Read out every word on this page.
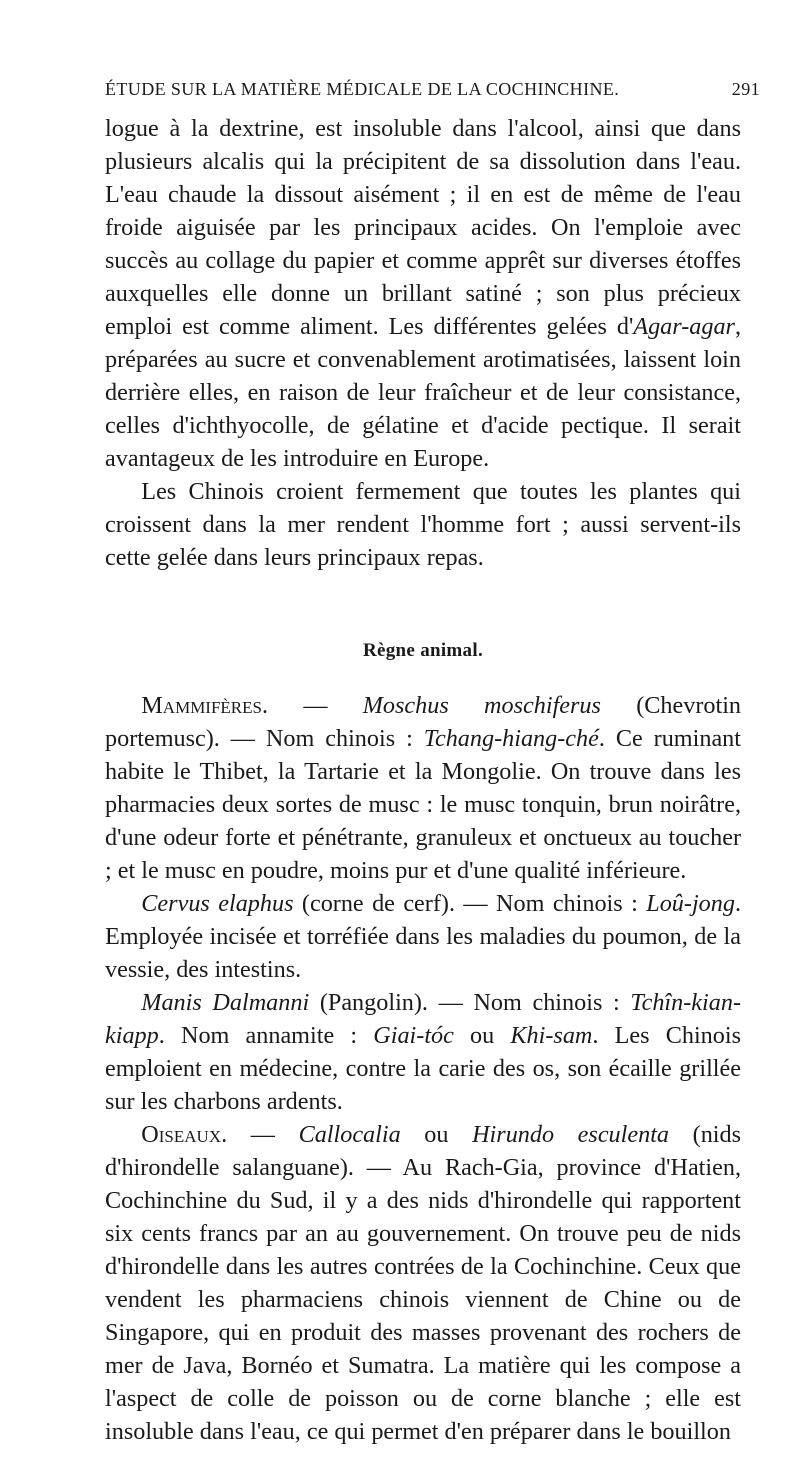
ÉTUDE SUR LA MATIÈRE MÉDICALE DE LA COCHINCHINE.	291

logue à la dextrine, est insoluble dans l'alcool, ainsi que dans plusieurs alcalis qui la précipitent de sa dissolution dans l'eau. L'eau chaude la dissout aisément ; il en est de même de l'eau froide aiguisée par les principaux acides. On l'emploie avec succès au collage du papier et comme apprêt sur diverses étoffes auxquelles elle donne un brillant satiné ; son plus précieux emploi est comme aliment. Les différentes gelées d'Agar-agar, préparées au sucre et convenablement arotimatisées, laissent loin derrière elles, en raison de leur fraîcheur et de leur consistance, celles d'ichthyocolle, de gélatine et d'acide pectique. Il serait avantageux de les introduire en Europe.

Les Chinois croient fermement que toutes les plantes qui croissent dans la mer rendent l'homme fort ; aussi servent-ils cette gelée dans leurs principaux repas.

Règne animal.

Mammifères. — Moschus moschiferus (Chevrotin portemusc). — Nom chinois : Tchang-hiang-ché. Ce ruminant habite le Thibet, la Tartarie et la Mongolie. On trouve dans les pharmacies deux sortes de musc : le musc tonquin, brun noirâtre, d'une odeur forte et pénétrante, granuleux et onctueux au toucher ; et le musc en poudre, moins pur et d'une qualité inférieure.

Cervus elaphus (corne de cerf). — Nom chinois : Loû-jong. Employée incisée et torréfiée dans les maladies du poumon, de la vessie, des intestins.

Manis Dalmanni (Pangolin). — Nom chinois : Tchîn-kian-kiapp. Nom annamite : Giai-tóc ou Khi-sam. Les Chinois emploient en médecine, contre la carie des os, son écaille grillée sur les charbons ardents.

Oiseaux. — Callocalia ou Hirundo esculenta (nids d'hirondelle salanguane). — Au Rach-Gia, province d'Hatien, Cochinchine du Sud, il y a des nids d'hirondelle qui rapportent six cents francs par an au gouvernement. On trouve peu de nids d'hirondelle dans les autres contrées de la Cochinchine. Ceux que vendent les pharmaciens chinois viennent de Chine ou de Singapore, qui en produit des masses provenant des rochers de mer de Java, Bornéo et Sumatra. La matière qui les compose a l'aspect de colle de poisson ou de corne blanche ; elle est insoluble dans l'eau, ce qui permet d'en préparer dans le bouillon
